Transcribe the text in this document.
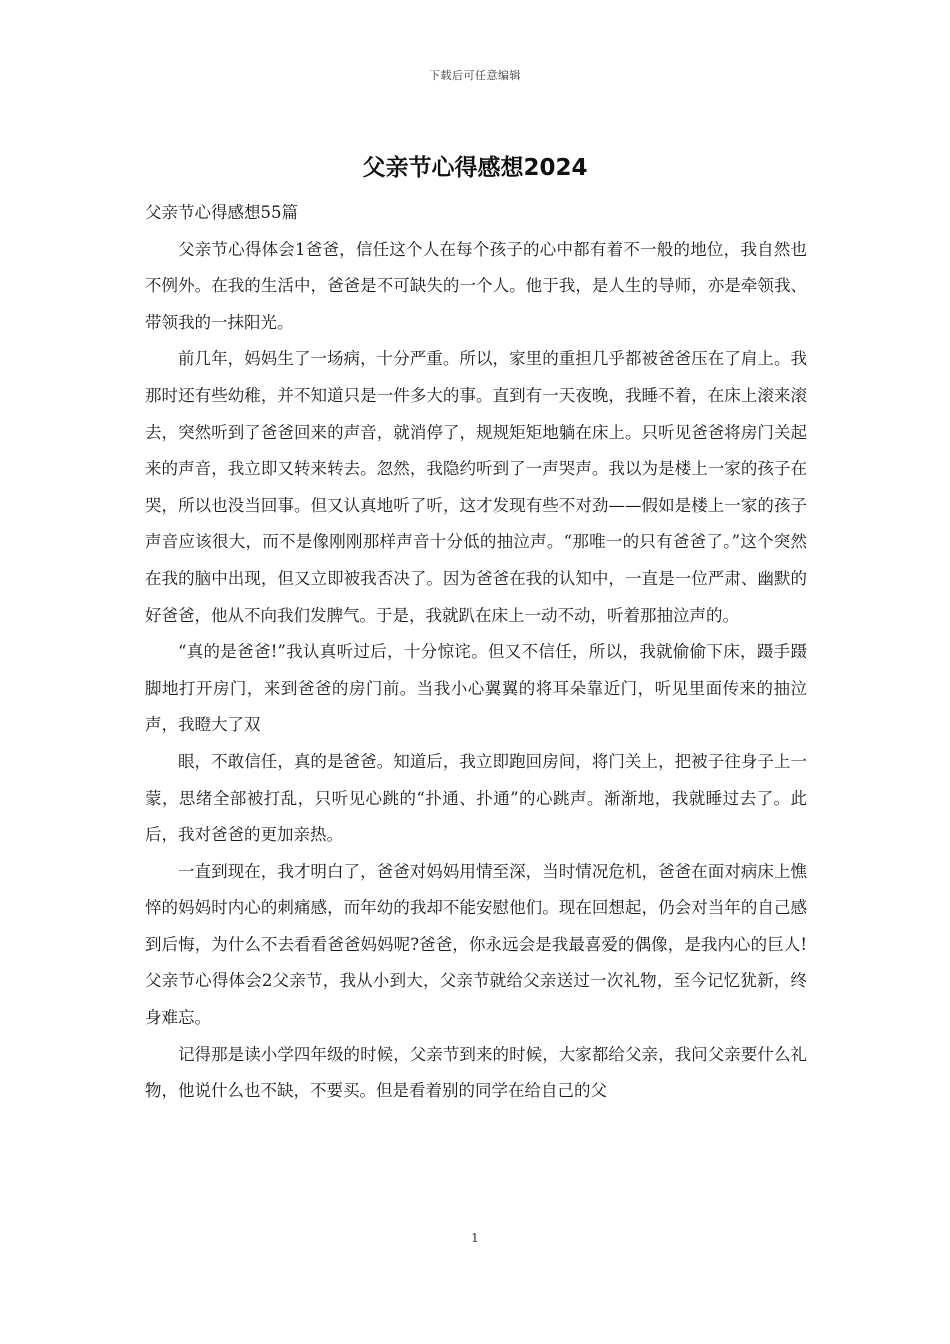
下载后可任意编辑
父亲节心得感想2024

父亲节心得感想55篇

父亲节心得体会1爸爸，信任这个人在每个孩子的心中都有着不一般的地位，我自然也不例外。在我的生活中，爸爸是不可缺失的一个人。他于我，是人生的导师，亦是牵领我、带领我的一抹阳光。

前几年，妈妈生了一场病，十分严重。所以，家里的重担几乎都被爸爸压在了肩上。我那时还有些幼稚，并不知道只是一件多大的事。直到有一天夜晚，我睡不着，在床上滚来滚去，突然听到了爸爸回来的声音，就消停了，规规矩矩地躺在床上。只听见爸爸将房门关起来的声音，我立即又转来转去。忽然，我隐约听到了一声哭声。我以为是楼上一家的孩子在哭，所以也没当回事。但又认真地听了听，这才发现有些不对劲——假如是楼上一家的孩子声音应该很大，而不是像刚刚那样声音十分低的抽泣声。“那唯一的只有爸爸了。”这个突然在我的脑中出现，但又立即被我否决了。因为爸爸在我的认知中，一直是一位严肃、幽默的好爸爸，他从不向我们发脾气。于是，我就趴在床上一动不动，听着那抽泣声的。

“真的是爸爸!”我认真听过后，十分惊诧。但又不信任，所以，我就偷偷下床，蹑手蹑脚地打开房门，来到爸爸的房门前。当我小心翼翼的将耳朵靠近门，听见里面传来的抽泣声，我瞪大了双

眼，不敢信任，真的是爸爸。知道后，我立即跑回房间，将门关上，把被子往身子上一蒙，思绪全部被打乱，只听见心跳的“扑通、扑通”的心跳声。渐渐地，我就睡过去了。此后，我对爸爸的更加亲热。

一直到现在，我才明白了，爸爸对妈妈用情至深，当时情况危机，爸爸在面对病床上憔悴的妈妈时内心的刺痛感，而年幼的我却不能安慰他们。现在回想起，仍会对当年的自己感到后悔，为什么不去看看爸爸妈妈呢?爸爸，你永远会是我最喜爱的偶像，是我内心的巨人!父亲节心得体会2父亲节，我从小到大，父亲节就给父亲送过一次礼物，至今记忆犹新，终身难忘。

记得那是读小学四年级的时候，父亲节到来的时候，大家都给父亲，我问父亲要什么礼物，他说什么也不缺，不要买。但是看着别的同学在给自己的父

1
